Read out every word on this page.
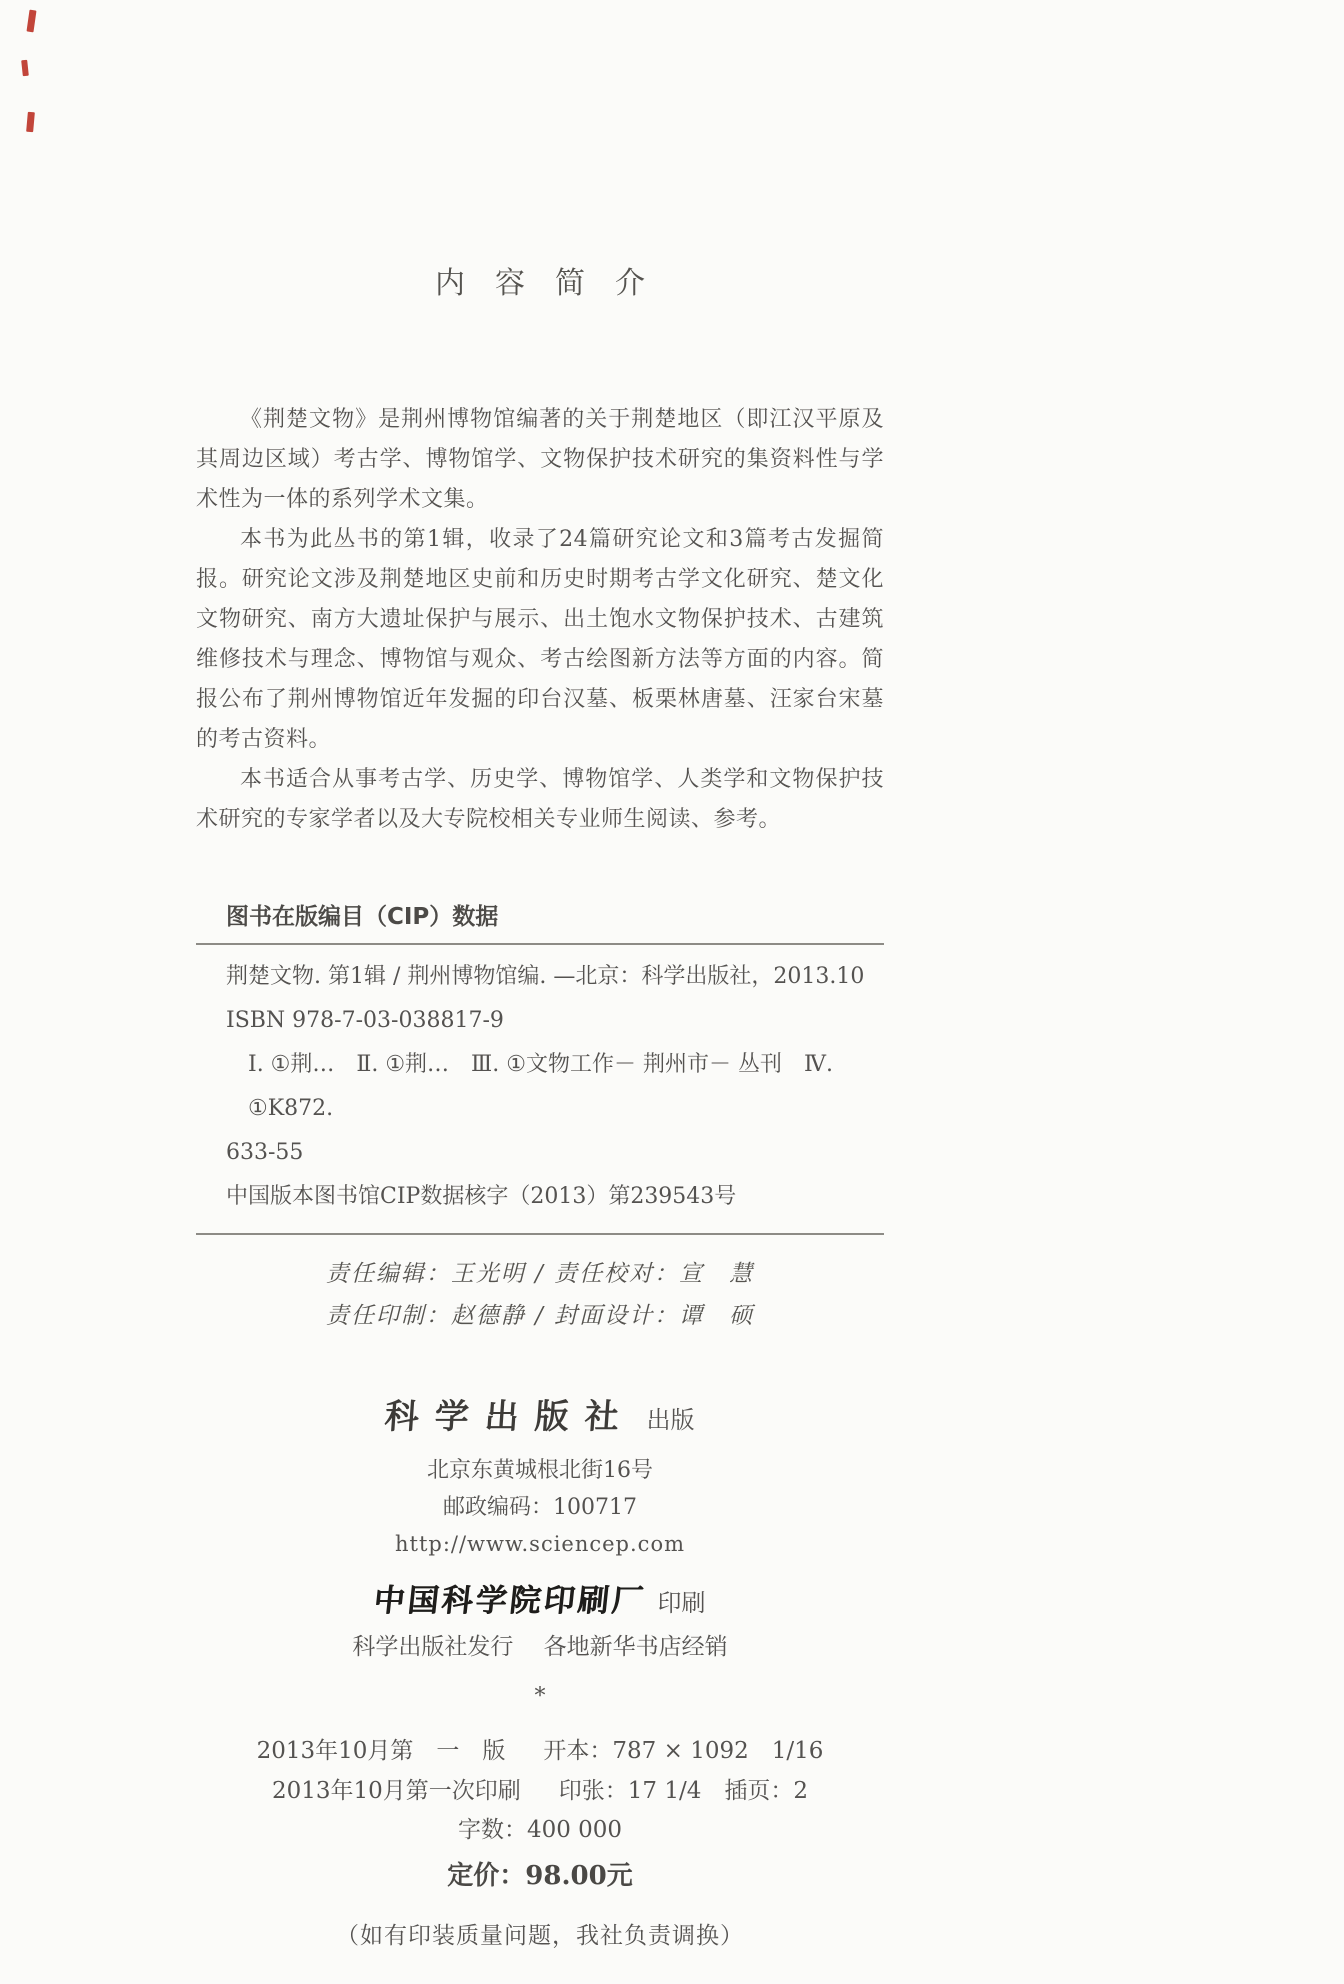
内　容　简　介

《荆楚文物》是荆州博物馆编著的关于荆楚地区（即江汉平原及其周边区域）考古学、博物馆学、文物保护技术研究的集资料性与学术性为一体的系列学术文集。

本书为此丛书的第1辑，收录了24篇研究论文和3篇考古发掘简报。研究论文涉及荆楚地区史前和历史时期考古学文化研究、楚文化文物研究、南方大遗址保护与展示、出土饱水文物保护技术、古建筑维修技术与理念、博物馆与观众、考古绘图新方法等方面的内容。简报公布了荆州博物馆近年发掘的印台汉墓、板栗林唐墓、汪家台宋墓的考古资料。

本书适合从事考古学、历史学、博物馆学、人类学和文物保护技术研究的专家学者以及大专院校相关专业师生阅读、参考。

图书在版编目（CIP）数据

荆楚文物. 第1辑 / 荆州博物馆编. —北京：科学出版社，2013.10

ISBN 978-7-03-038817-9

Ⅰ. ①荆…　Ⅱ. ①荆…　Ⅲ. ①文物工作－ 荆州市－ 丛刊　Ⅳ. ①K872.

633-55

中国版本图书馆CIP数据核字（2013）第239543号

责任编辑：王光明 / 责任校对：宣　慧

责任印制：赵德静 / 封面设计：谭　硕

科学出版社 出版

北京东黄城根北街16号

邮政编码：100717

http://www.sciencep.com

中国科学院印刷厂 印刷

科学出版社发行　 各地新华书店经销

*

2013年10月第　一　版 开本：787 × 1092　1/16
2013年10月第一次印刷 印张：17 1/4　插页：2

字数：400 000

定价：98.00元

（如有印装质量问题，我社负责调换）
